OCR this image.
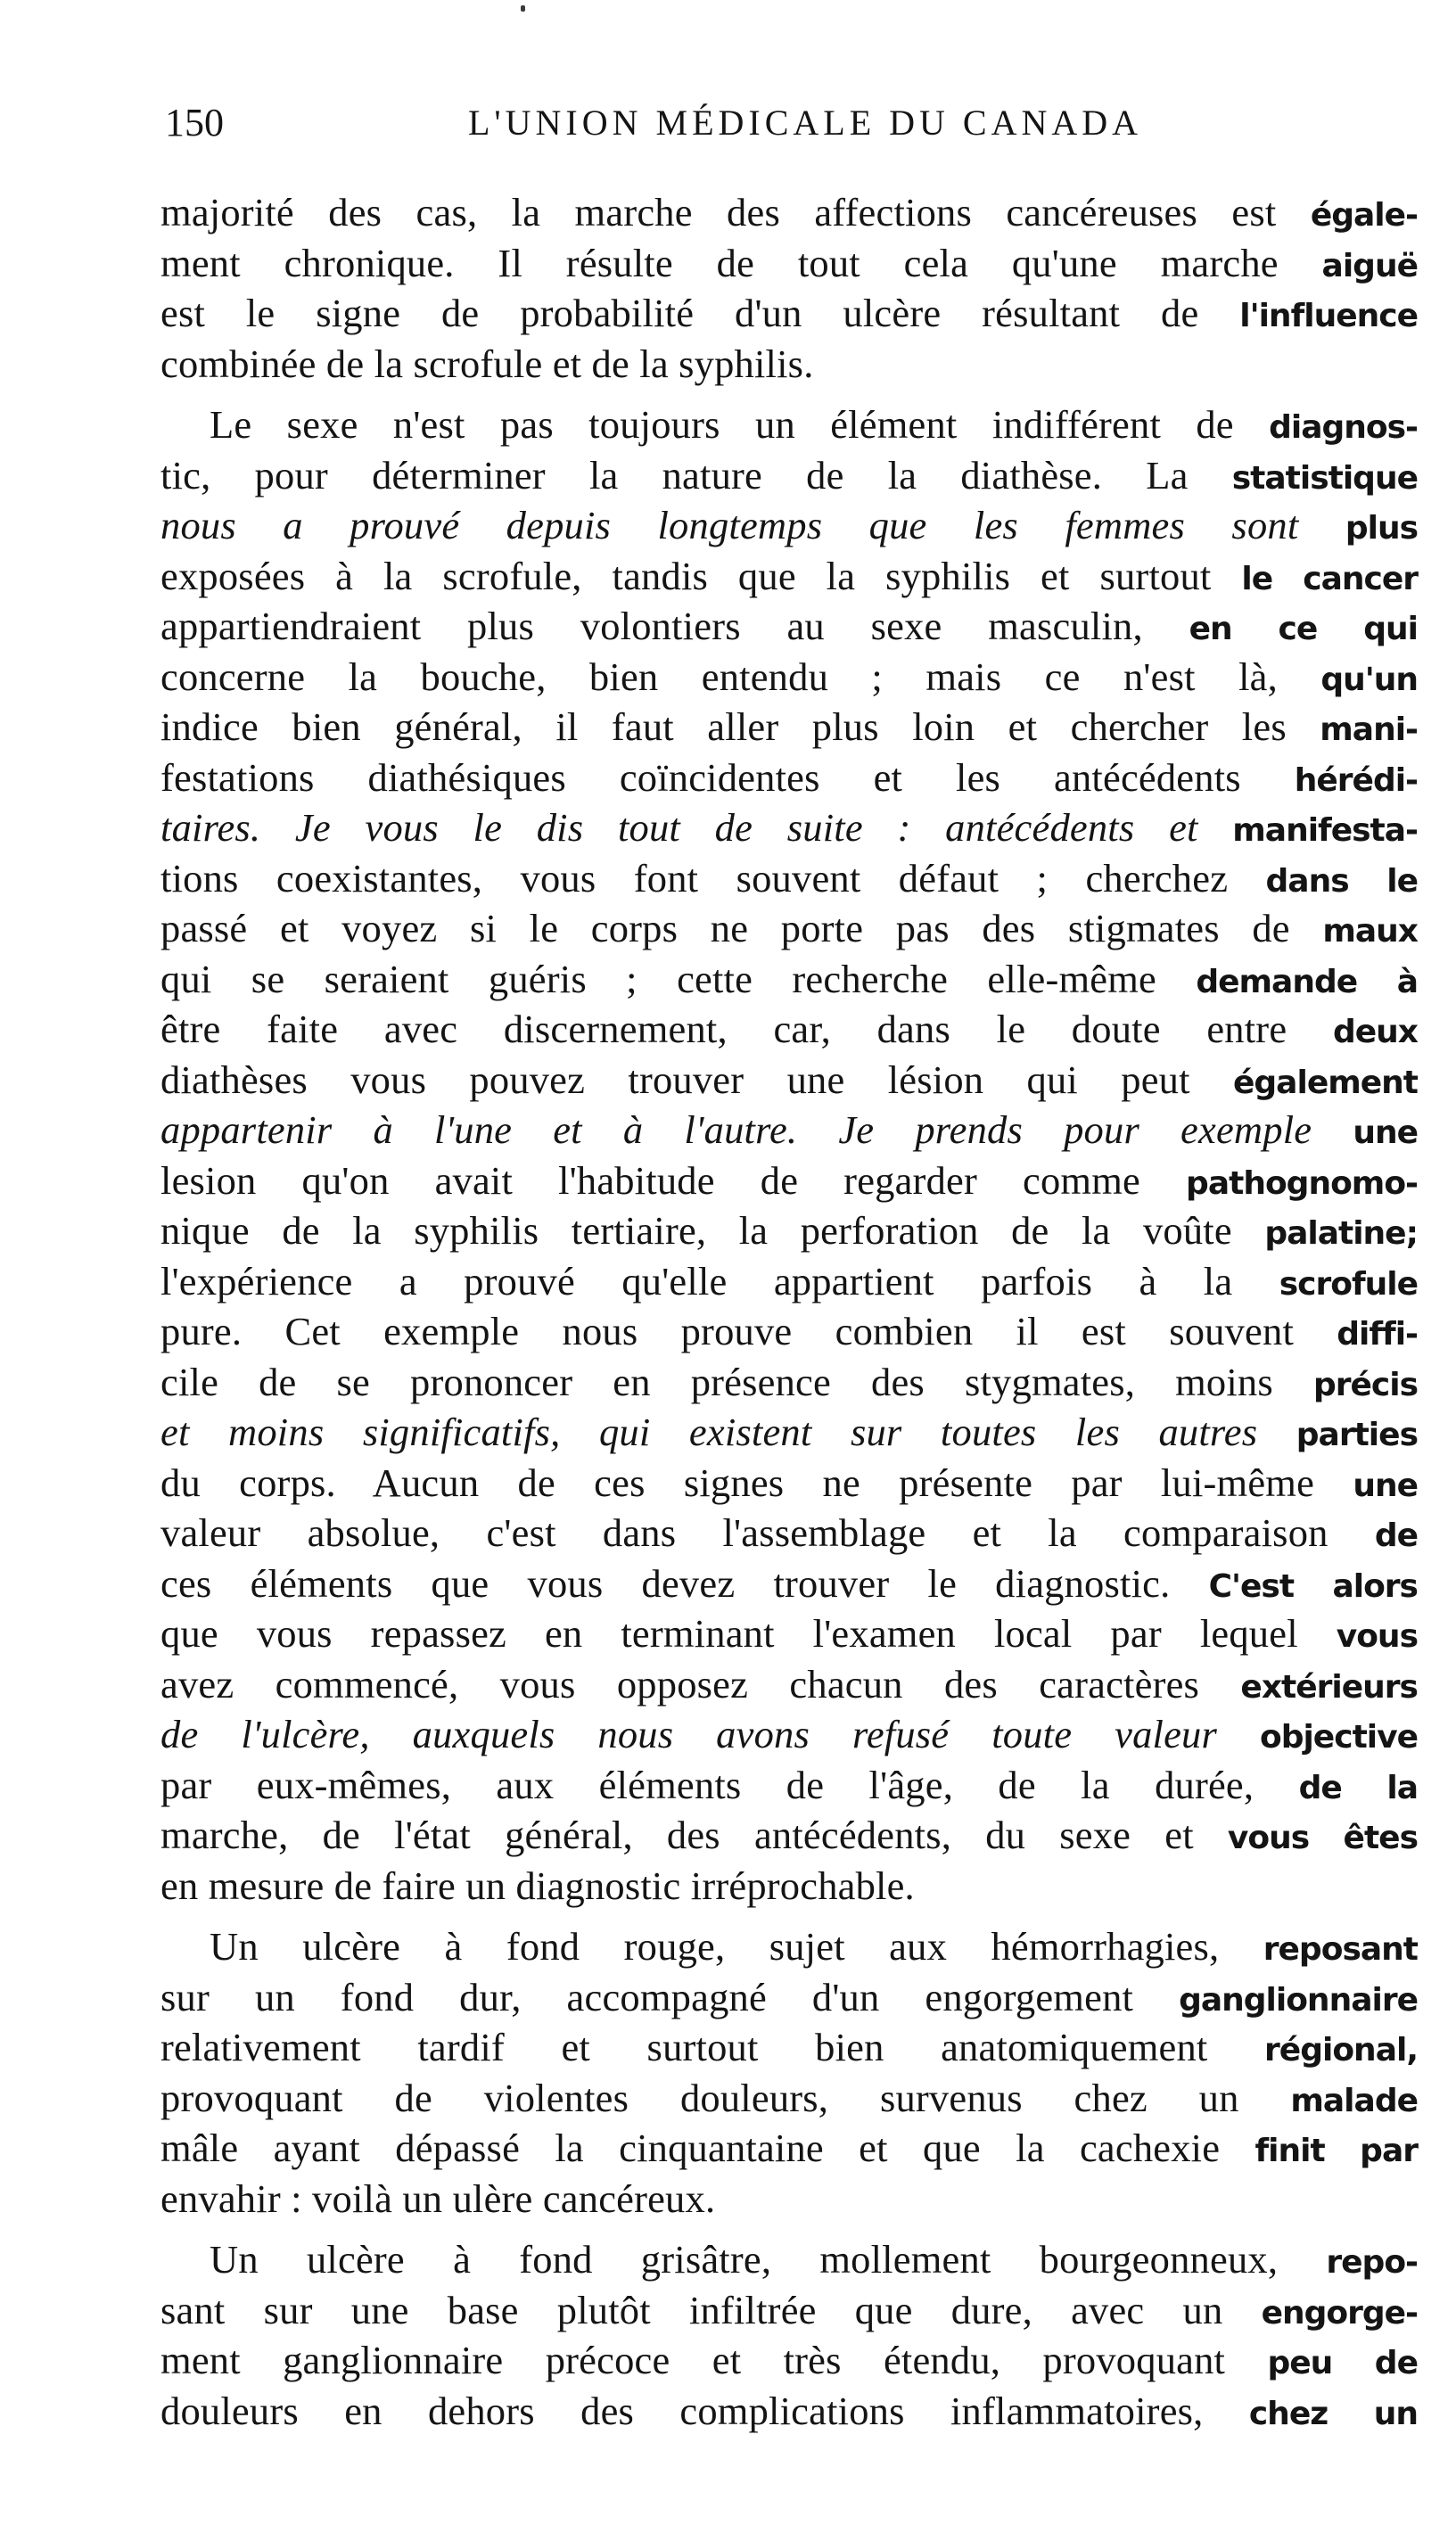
150	L'UNION MÉDICALE DU CANADA

majorité des cas, la marche des affections cancéreuses est égale-
ment chronique. Il résulte de tout cela qu'une marche aiguë
est le signe de probabilité d'un ulcère résultant de l'influence
combinée de la scrofule et de la syphilis.

Le sexe n'est pas toujours un élément indifférent de diagnos-
tic, pour déterminer la nature de la diathèse. La statistique
nous a prouvé depuis longtemps que les femmes sont plus
exposées à la scrofule, tandis que la syphilis et surtout le cancer
appartiendraient plus volontiers au sexe masculin, en ce qui
concerne la bouche, bien entendu ; mais ce n'est là, qu'un
indice bien général, il faut aller plus loin et chercher les mani-
festations diathésiques coïncidentes et les antécédents hérédi-
taires. Je vous le dis tout de suite : antécédents et manifesta-
tions coexistantes, vous font souvent défaut ; cherchez dans le
passé et voyez si le corps ne porte pas des stigmates de maux
qui se seraient guéris ; cette recherche elle-même demande à
être faite avec discernement, car, dans le doute entre deux
diathèses vous pouvez trouver une lésion qui peut également
appartenir à l'une et à l'autre. Je prends pour exemple une
lesion qu'on avait l'habitude de regarder comme pathognomo-
nique de la syphilis tertiaire, la perforation de la voûte palatine;
l'expérience a prouvé qu'elle appartient parfois à la scrofule
pure. Cet exemple nous prouve combien il est souvent diffi-
cile de se prononcer en présence des stygmates, moins précis
et moins significatifs, qui existent sur toutes les autres parties
du corps. Aucun de ces signes ne présente par lui-même une
valeur absolue, c'est dans l'assemblage et la comparaison de
ces éléments que vous devez trouver le diagnostic. C'est alors
que vous repassez en terminant l'examen local par lequel vous
avez commencé, vous opposez chacun des caractères extérieurs
de l'ulcère, auxquels nous avons refusé toute valeur objective
par eux-mêmes, aux éléments de l'âge, de la durée, de la
marche, de l'état général, des antécédents, du sexe et vous êtes
en mesure de faire un diagnostic irréprochable.

Un ulcère à fond rouge, sujet aux hémorrhagies, reposant
sur un fond dur, accompagné d'un engorgement ganglionnaire
relativement tardif et surtout bien anatomiquement régional,
provoquant de violentes douleurs, survenus chez un malade
mâle ayant dépassé la cinquantaine et que la cachexie finit par
envahir : voilà un ulère cancéreux.

Un ulcère à fond grisâtre, mollement bourgeonneux, repo-
sant sur une base plutôt infiltrée que dure, avec un engorge-
ment ganglionnaire précoce et très étendu, provoquant peu de
douleurs en dehors des complications inflammatoires, chez un
